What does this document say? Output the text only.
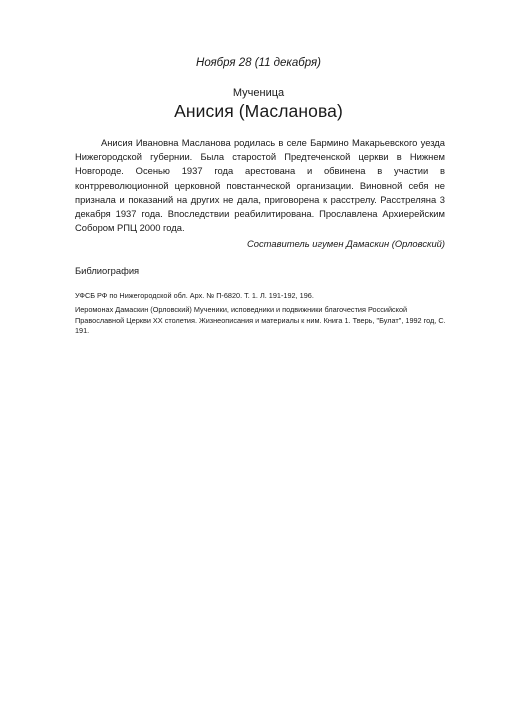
Ноября 28 (11 декабря)
Мученица
Анисия (Масланова)

Анисия Ивановна Масланова родилась в селе Бармино Макарьевского уезда Нижегородской губернии. Была старостой Предтеченской церкви в Нижнем Новгороде. Осенью 1937 года арестована и обвинена в участии в контрреволюционной церковной повстанческой организации. Виновной себя не признала и показаний на других не дала, приговорена к расстрелу. Расстреляна 3 декабря 1937 года. Впоследствии реабилитирована. Прославлена Архиерейским Собором РПЦ 2000 года.

Составитель игумен Дамаскин (Орловский)
Библиография

УФСБ РФ по Нижегородской обл. Арх. № П-6820. Т. 1. Л. 191-192, 196.

Иеромонах Дамаскин (Орловский) Мученики, исповедники и подвижники благочестия Российской Православной Церкви XX столетия. Жизнеописания и материалы к ним. Книга 1. Тверь, "Булат", 1992 год, С. 191.
